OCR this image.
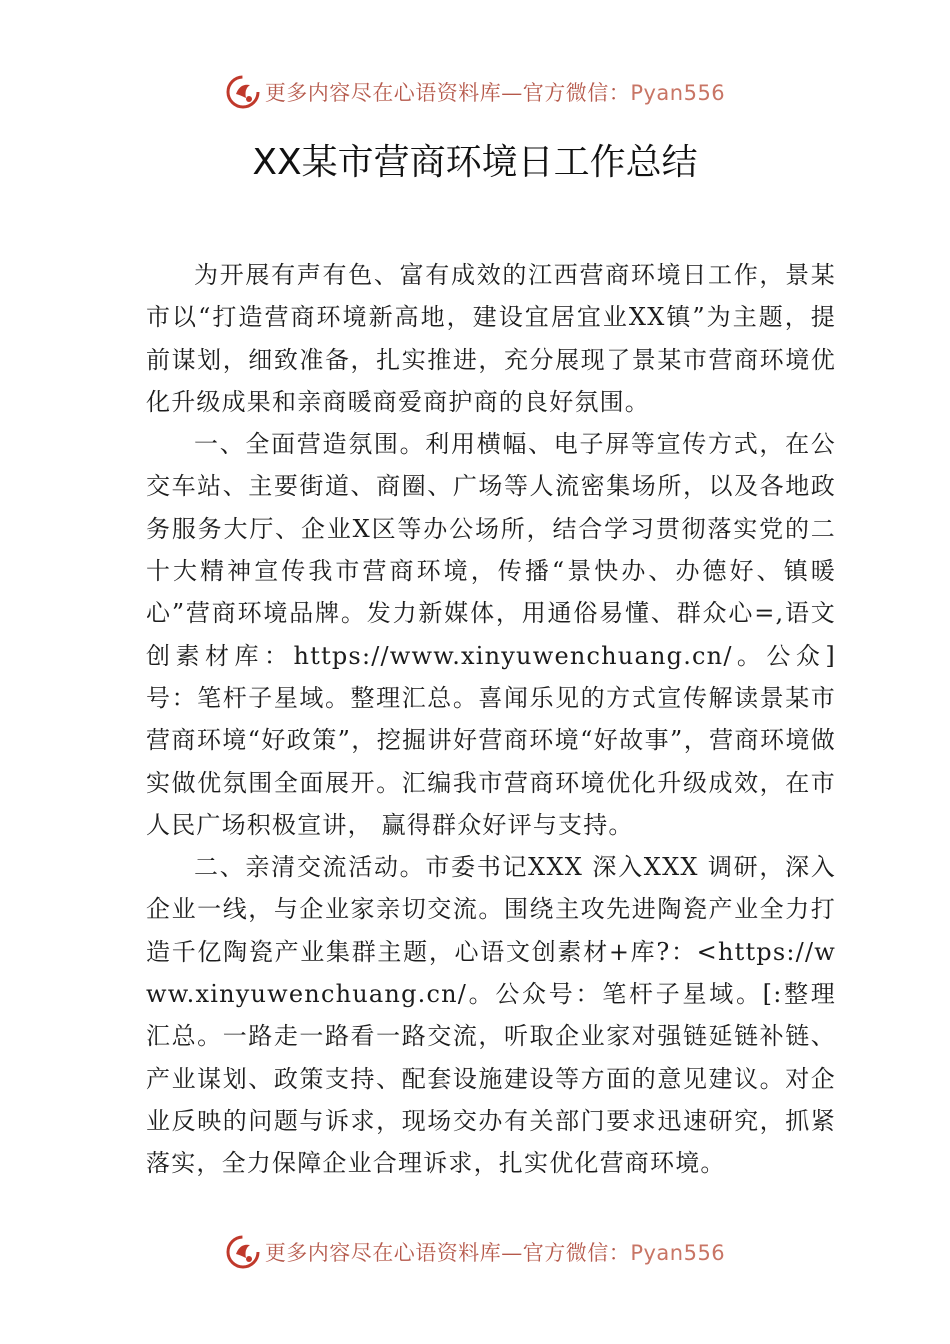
更多内容尽在心语资料库—官方微信：Pyan556
XX某市营商环境日工作总结

为开展有声有色、富有成效的江西营商环境日工作，景某市以“打造营商环境新高地，建设宜居宜业XX镇”为主题，提前谋划，细致准备，扎实推进，充分展现了景某市营商环境优化升级成果和亲商暖商爱商护商的良好氛围。

一、全面营造氛围。利用横幅、电子屏等宣传方式，在公交车站、主要街道、商圈、广场等人流密集场所，以及各地政务服务大厅、企业X区等办公场所，结合学习贯彻落实党的二十大精神宣传我市营商环境，传播“景快办、办德好、镇暖心”营商环境品牌。发力新媒体，用通俗易懂、群众心=,语文创素材库：https://www.xinyuwenchuang.cn/。公众]号：笔杆子星域。整理汇总。喜闻乐见的方式宣传解读景某市营商环境“好政策”，挖掘讲好营商环境“好故事”，营商环境做实做优氛围全面展开。汇编我市营商环境优化升级成效，在市人民广场积极宣讲， 赢得群众好评与支持。

二、亲清交流活动。市委书记XXX 深入XXX 调研，深入企业一线，与企业家亲切交流。围绕主攻先进陶瓷产业全力打造千亿陶瓷产业集群主题，心语文创素材+库?：<https://www.xinyuwenchuang.cn/。公众号：笔杆子星域。[:整理汇总。一路走一路看一路交流，听取企业家对强链延链补链、产业谋划、政策支持、配套设施建设等方面的意见建议。对企业反映的问题与诉求，现场交办有关部门要求迅速研究，抓紧落实，全力保障企业合理诉求，扎实优化营商环境。

更多内容尽在心语资料库—官方微信：Pyan556
